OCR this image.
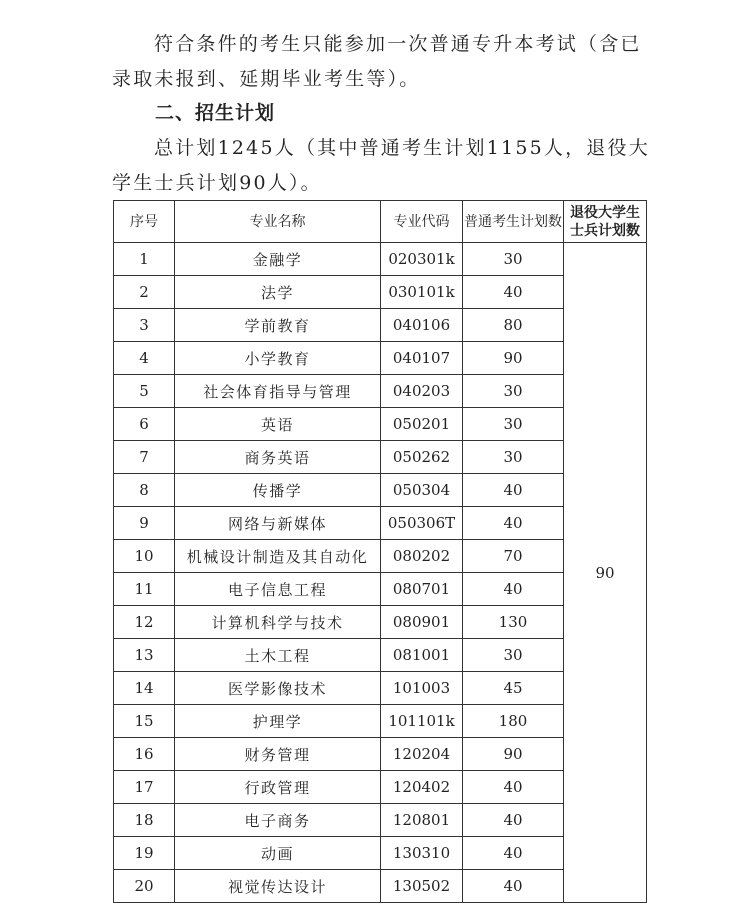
符合条件的考生只能参加一次普通专升本考试（含已录取未报到、延期毕业考生等）。

二、招生计划

总计划1245人（其中普通考生计划1155人，退役大学生士兵计划90人）。

序号	专业名称	专业代码	普通考生计划数	退役大学生士兵计划数
1	金融学	020301k	30	90
2	法学	030101k	40	
3	学前教育	040106	80	
4	小学教育	040107	90	
5	社会体育指导与管理	040203	30	
6	英语	050201	30	
7	商务英语	050262	30	
8	传播学	050304	40	
9	网络与新媒体	050306T	40	
10	机械设计制造及其自动化	080202	70	
11	电子信息工程	080701	40	
12	计算机科学与技术	080901	130	
13	土木工程	081001	30	
14	医学影像技术	101003	45	
15	护理学	101101k	180	
16	财务管理	120204	90	
17	行政管理	120402	40	
18	电子商务	120801	40	
19	动画	130310	40	
20	视觉传达设计	130502	40	
